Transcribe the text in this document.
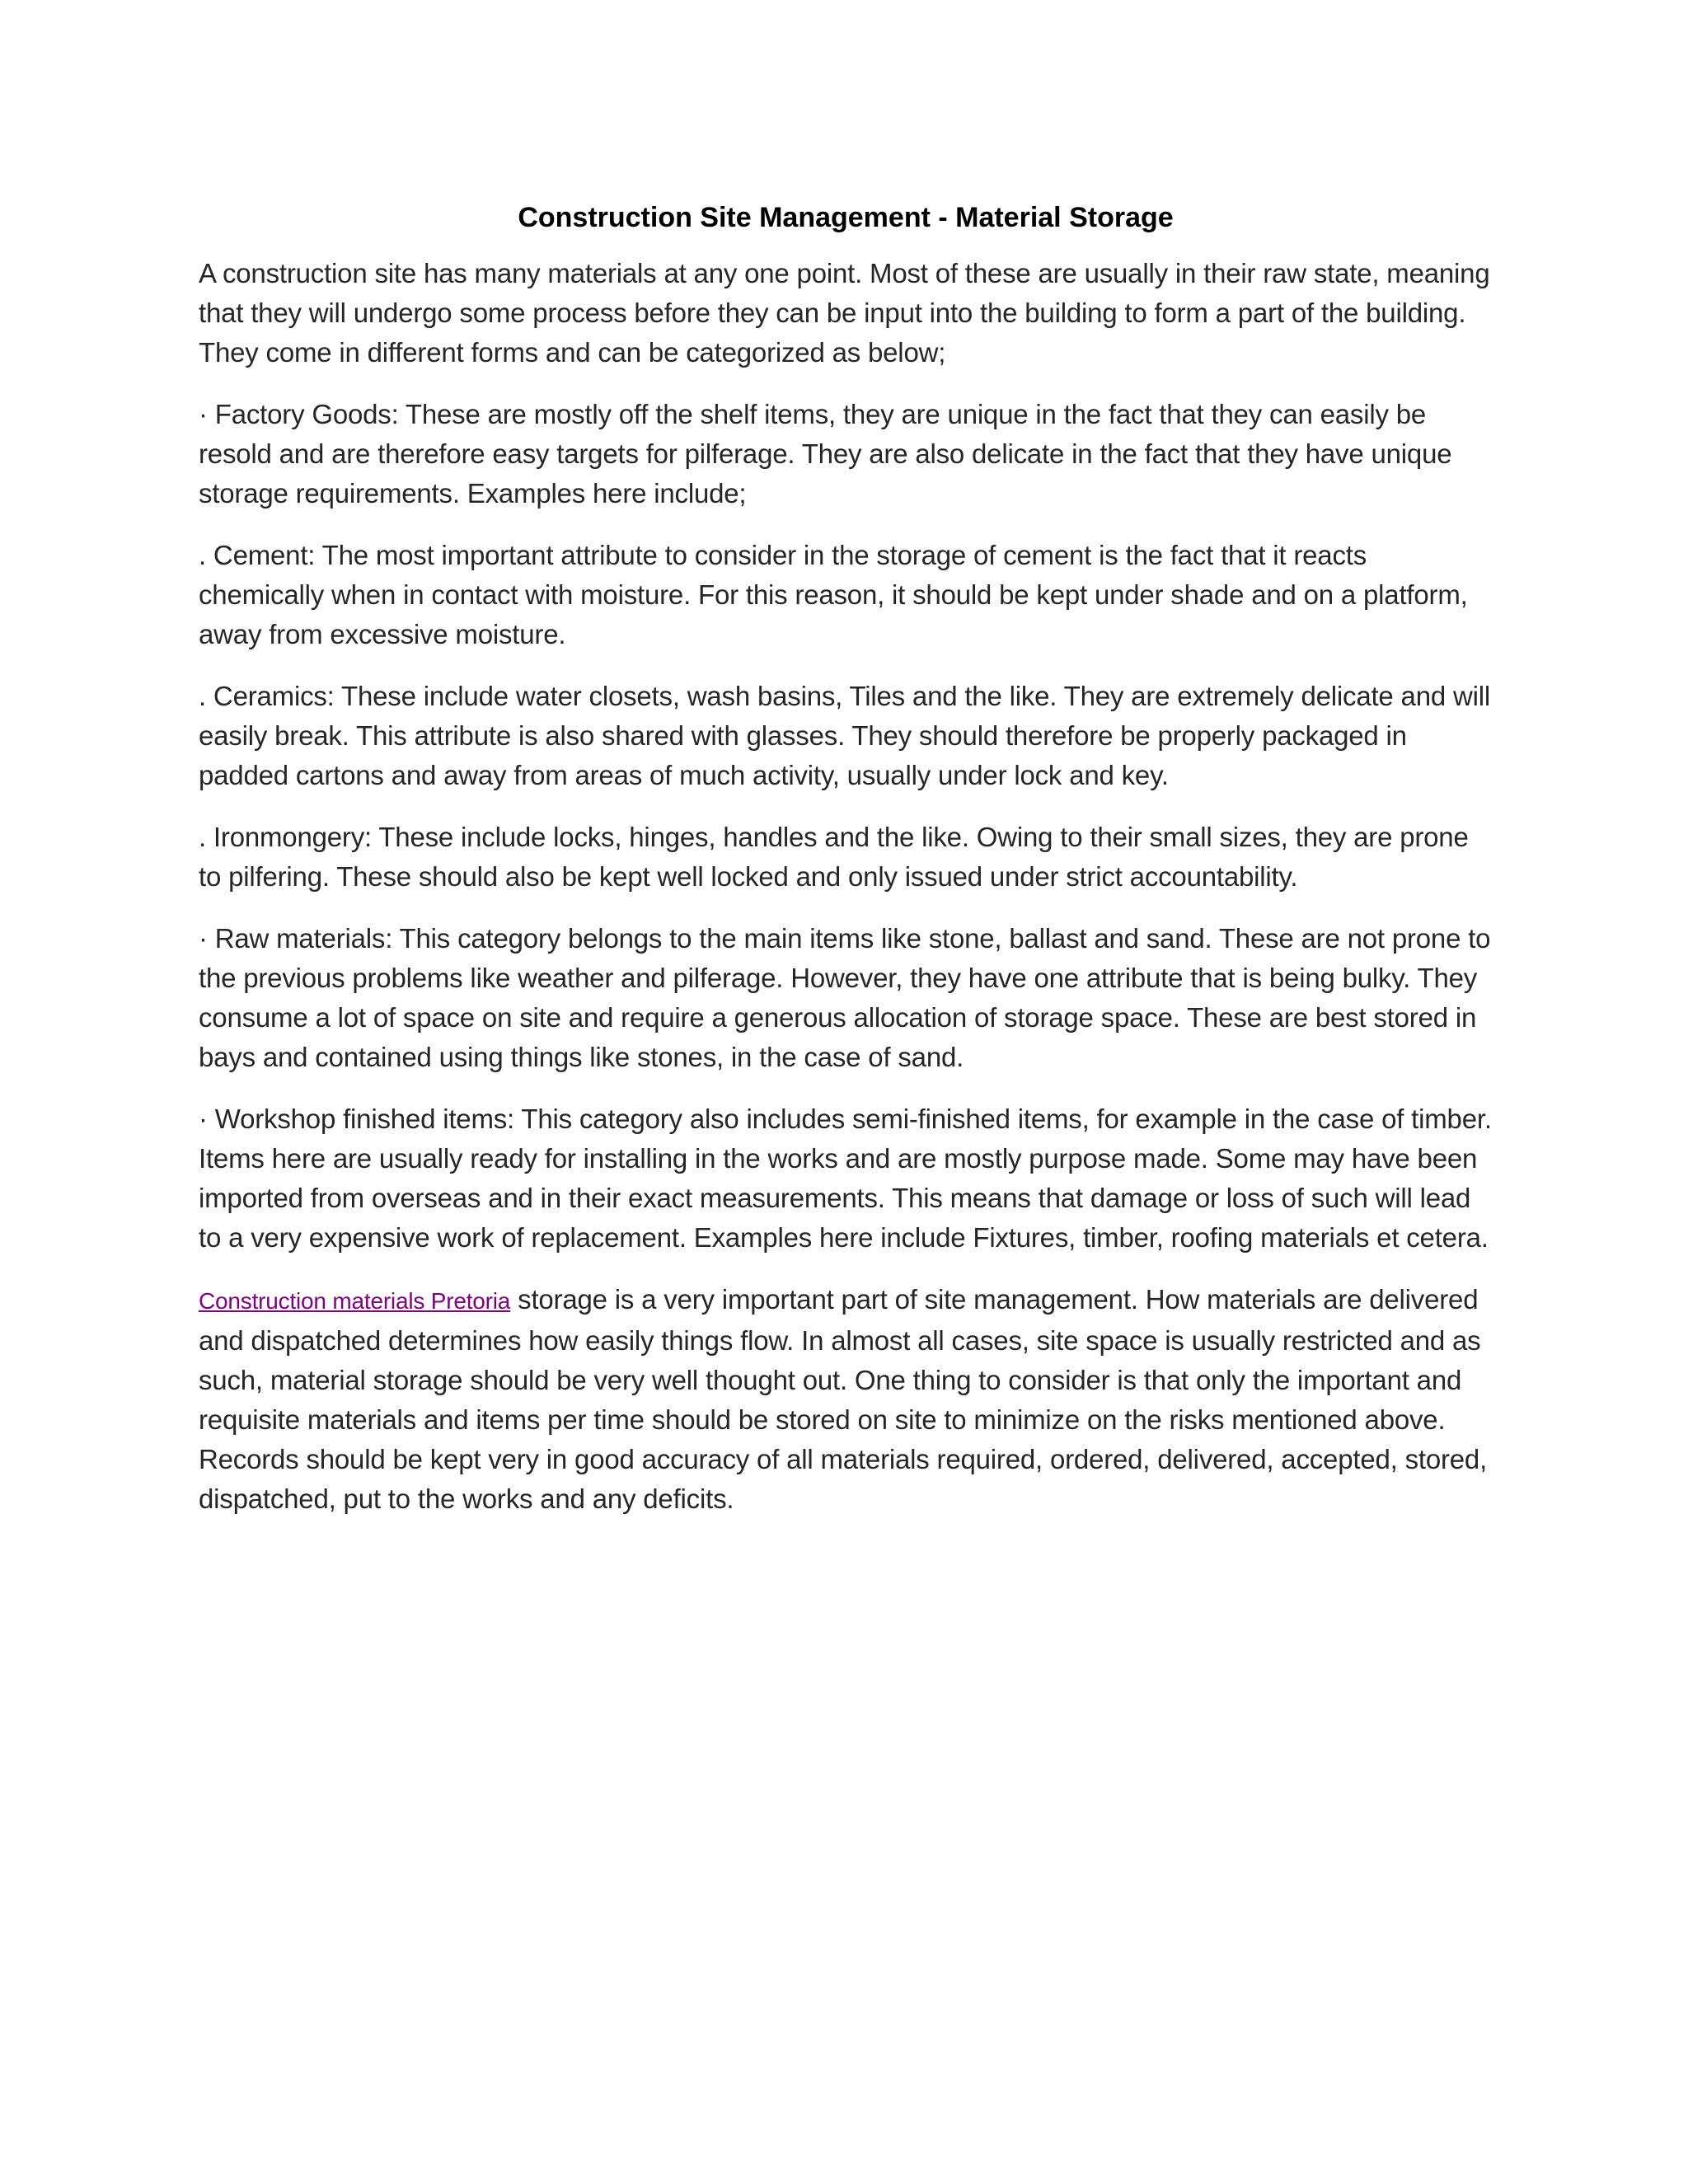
Construction Site Management - Material Storage

A construction site has many materials at any one point. Most of these are usually in their raw state, meaning that they will undergo some process before they can be input into the building to form a part of the building. They come in different forms and can be categorized as below;

· Factory Goods: These are mostly off the shelf items, they are unique in the fact that they can easily be resold and are therefore easy targets for pilferage. They are also delicate in the fact that they have unique storage requirements. Examples here include;

. Cement: The most important attribute to consider in the storage of cement is the fact that it reacts chemically when in contact with moisture. For this reason, it should be kept under shade and on a platform, away from excessive moisture.

. Ceramics: These include water closets, wash basins, Tiles and the like. They are extremely delicate and will easily break. This attribute is also shared with glasses. They should therefore be properly packaged in padded cartons and away from areas of much activity, usually under lock and key.

. Ironmongery: These include locks, hinges, handles and the like. Owing to their small sizes, they are prone to pilfering. These should also be kept well locked and only issued under strict accountability.

· Raw materials: This category belongs to the main items like stone, ballast and sand. These are not prone to the previous problems like weather and pilferage. However, they have one attribute that is being bulky. They consume a lot of space on site and require a generous allocation of storage space. These are best stored in bays and contained using things like stones, in the case of sand.

· Workshop finished items: This category also includes semi-finished items, for example in the case of timber. Items here are usually ready for installing in the works and are mostly purpose made. Some may have been imported from overseas and in their exact measurements. This means that damage or loss of such will lead to a very expensive work of replacement. Examples here include Fixtures, timber, roofing materials et cetera.

Construction materials Pretoria storage is a very important part of site management. How materials are delivered and dispatched determines how easily things flow. In almost all cases, site space is usually restricted and as such, material storage should be very well thought out. One thing to consider is that only the important and requisite materials and items per time should be stored on site to minimize on the risks mentioned above. Records should be kept very in good accuracy of all materials required, ordered, delivered, accepted, stored, dispatched, put to the works and any deficits.
